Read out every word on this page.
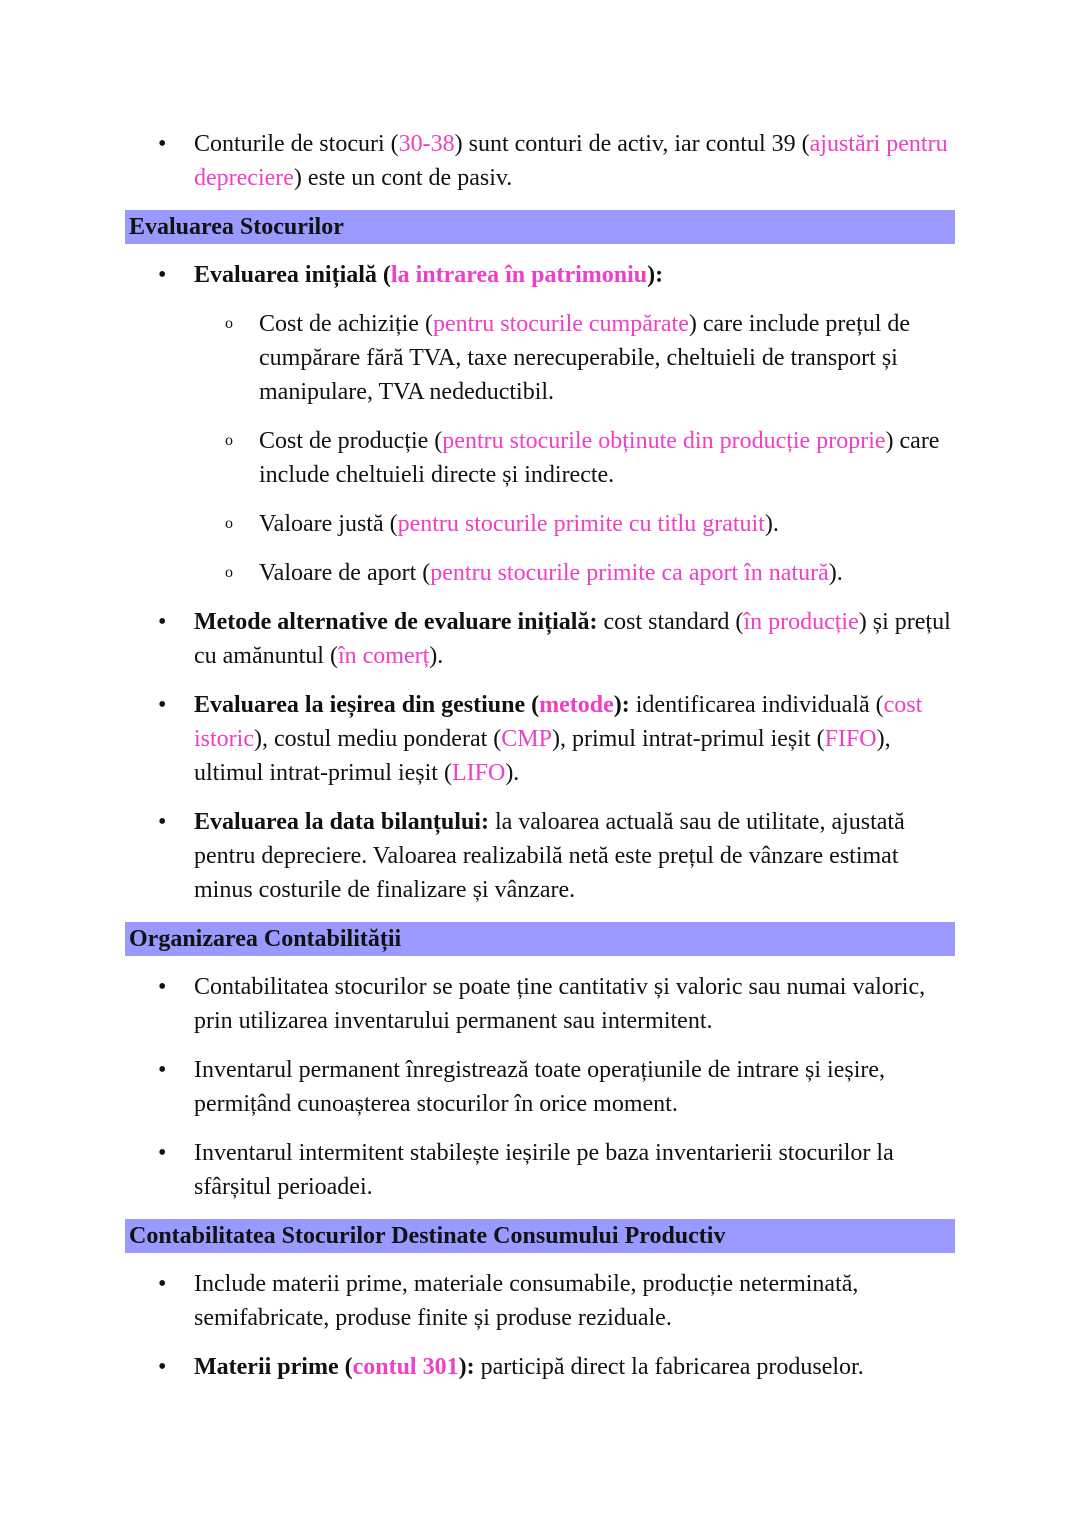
• Conturile de stocuri (30-38) sunt conturi de activ, iar contul 39 (ajustări pentru depreciere) este un cont de pasiv.
Evaluarea Stocurilor
• Evaluarea inițială (la intrarea în patrimoniu):
o Cost de achiziție (pentru stocurile cumpărate) care include prețul de cumpărare fără TVA, taxe nerecuperabile, cheltuieli de transport și manipulare, TVA nedeductibil.
o Cost de producție (pentru stocurile obținute din producție proprie) care include cheltuieli directe și indirecte.
o Valoare justă (pentru stocurile primite cu titlu gratuit).
o Valoare de aport (pentru stocurile primite ca aport în natură).
• Metode alternative de evaluare inițială: cost standard (în producție) și prețul cu amănuntul (în comerț).
• Evaluarea la ieșirea din gestiune (metode): identificarea individuală (cost istoric), costul mediu ponderat (CMP), primul intrat-primul ieșit (FIFO), ultimul intrat-primul ieșit (LIFO).
• Evaluarea la data bilanțului: la valoarea actuală sau de utilitate, ajustată pentru depreciere. Valoarea realizabilă netă este prețul de vânzare estimat minus costurile de finalizare și vânzare.
Organizarea Contabilității
• Contabilitatea stocurilor se poate ține cantitativ și valoric sau numai valoric, prin utilizarea inventarului permanent sau intermitent.
• Inventarul permanent înregistrează toate operațiunile de intrare și ieșire, permițând cunoașterea stocurilor în orice moment.
• Inventarul intermitent stabilește ieșirile pe baza inventarierii stocurilor la sfârșitul perioadei.
Contabilitatea Stocurilor Destinate Consumului Productiv
• Include materii prime, materiale consumabile, producție neterminată, semifabricate, produse finite și produse reziduale.
• Materii prime (contul 301): participă direct la fabricarea produselor.
